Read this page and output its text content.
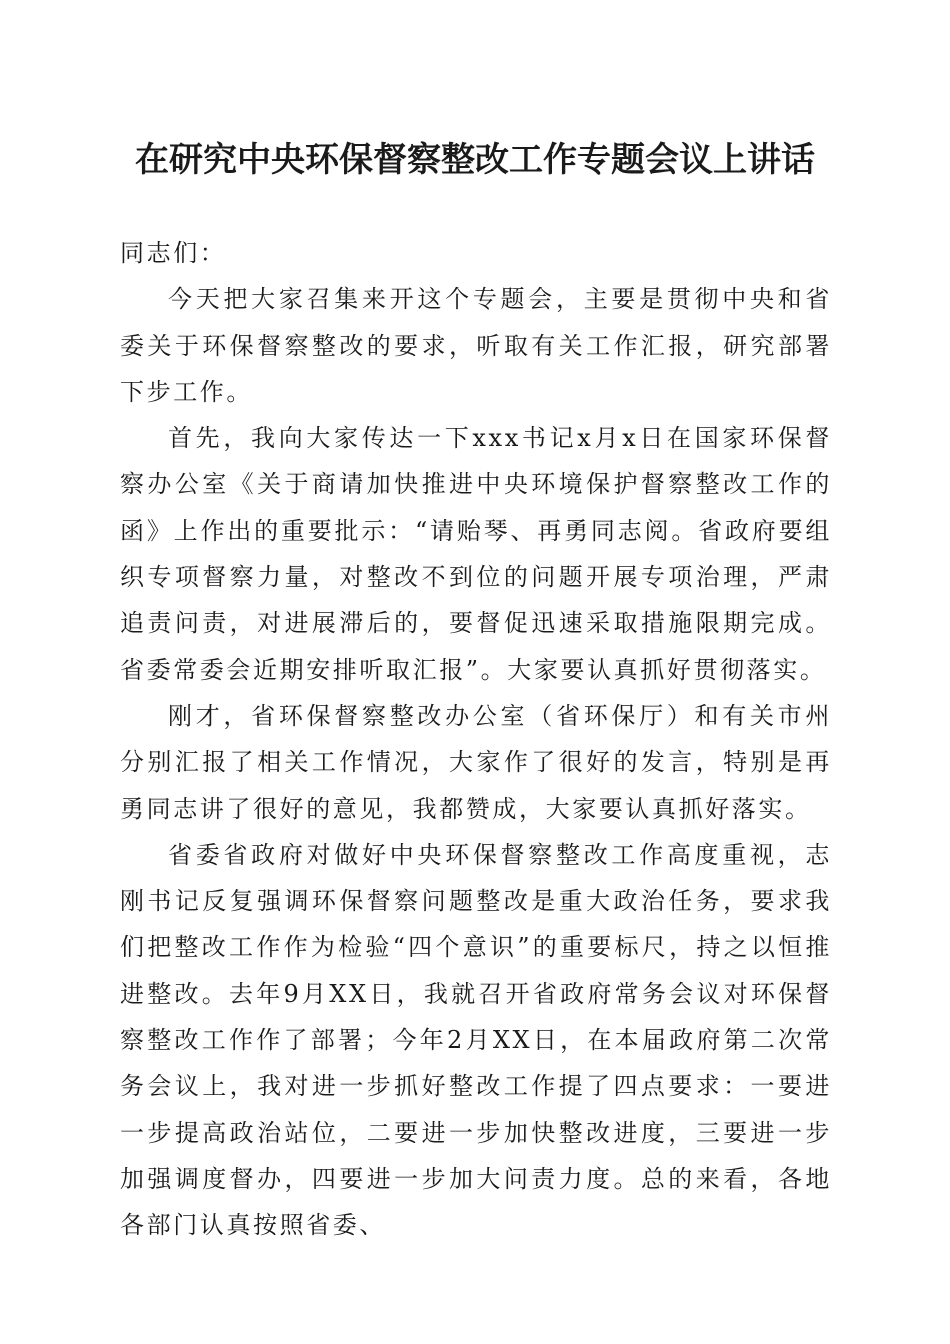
在研究中央环保督察整改工作专题会议上讲话

同志们：

今天把大家召集来开这个专题会，主要是贯彻中央和省委关于环保督察整改的要求，听取有关工作汇报，研究部署下步工作。

首先，我向大家传达一下xxx书记x月x日在国家环保督察办公室《关于商请加快推进中央环境保护督察整改工作的函》上作出的重要批示：“请贻琴、再勇同志阅。省政府要组织专项督察力量，对整改不到位的问题开展专项治理，严肃追责问责，对进展滞后的，要督促迅速采取措施限期完成。省委常委会近期安排听取汇报”。大家要认真抓好贯彻落实。

刚才，省环保督察整改办公室（省环保厅）和有关市州分别汇报了相关工作情况，大家作了很好的发言，特别是再勇同志讲了很好的意见，我都赞成，大家要认真抓好落实。

省委省政府对做好中央环保督察整改工作高度重视，志刚书记反复强调环保督察问题整改是重大政治任务，要求我们把整改工作作为检验“四个意识”的重要标尺，持之以恒推进整改。去年9月XX日，我就召开省政府常务会议对环保督察整改工作作了部署；今年2月XX日，在本届政府第二次常务会议上，我对进一步抓好整改工作提了四点要求：一要进一步提高政治站位，二要进一步加快整改进度，三要进一步加强调度督办，四要进一步加大问责力度。总的来看，各地各部门认真按照省委、
